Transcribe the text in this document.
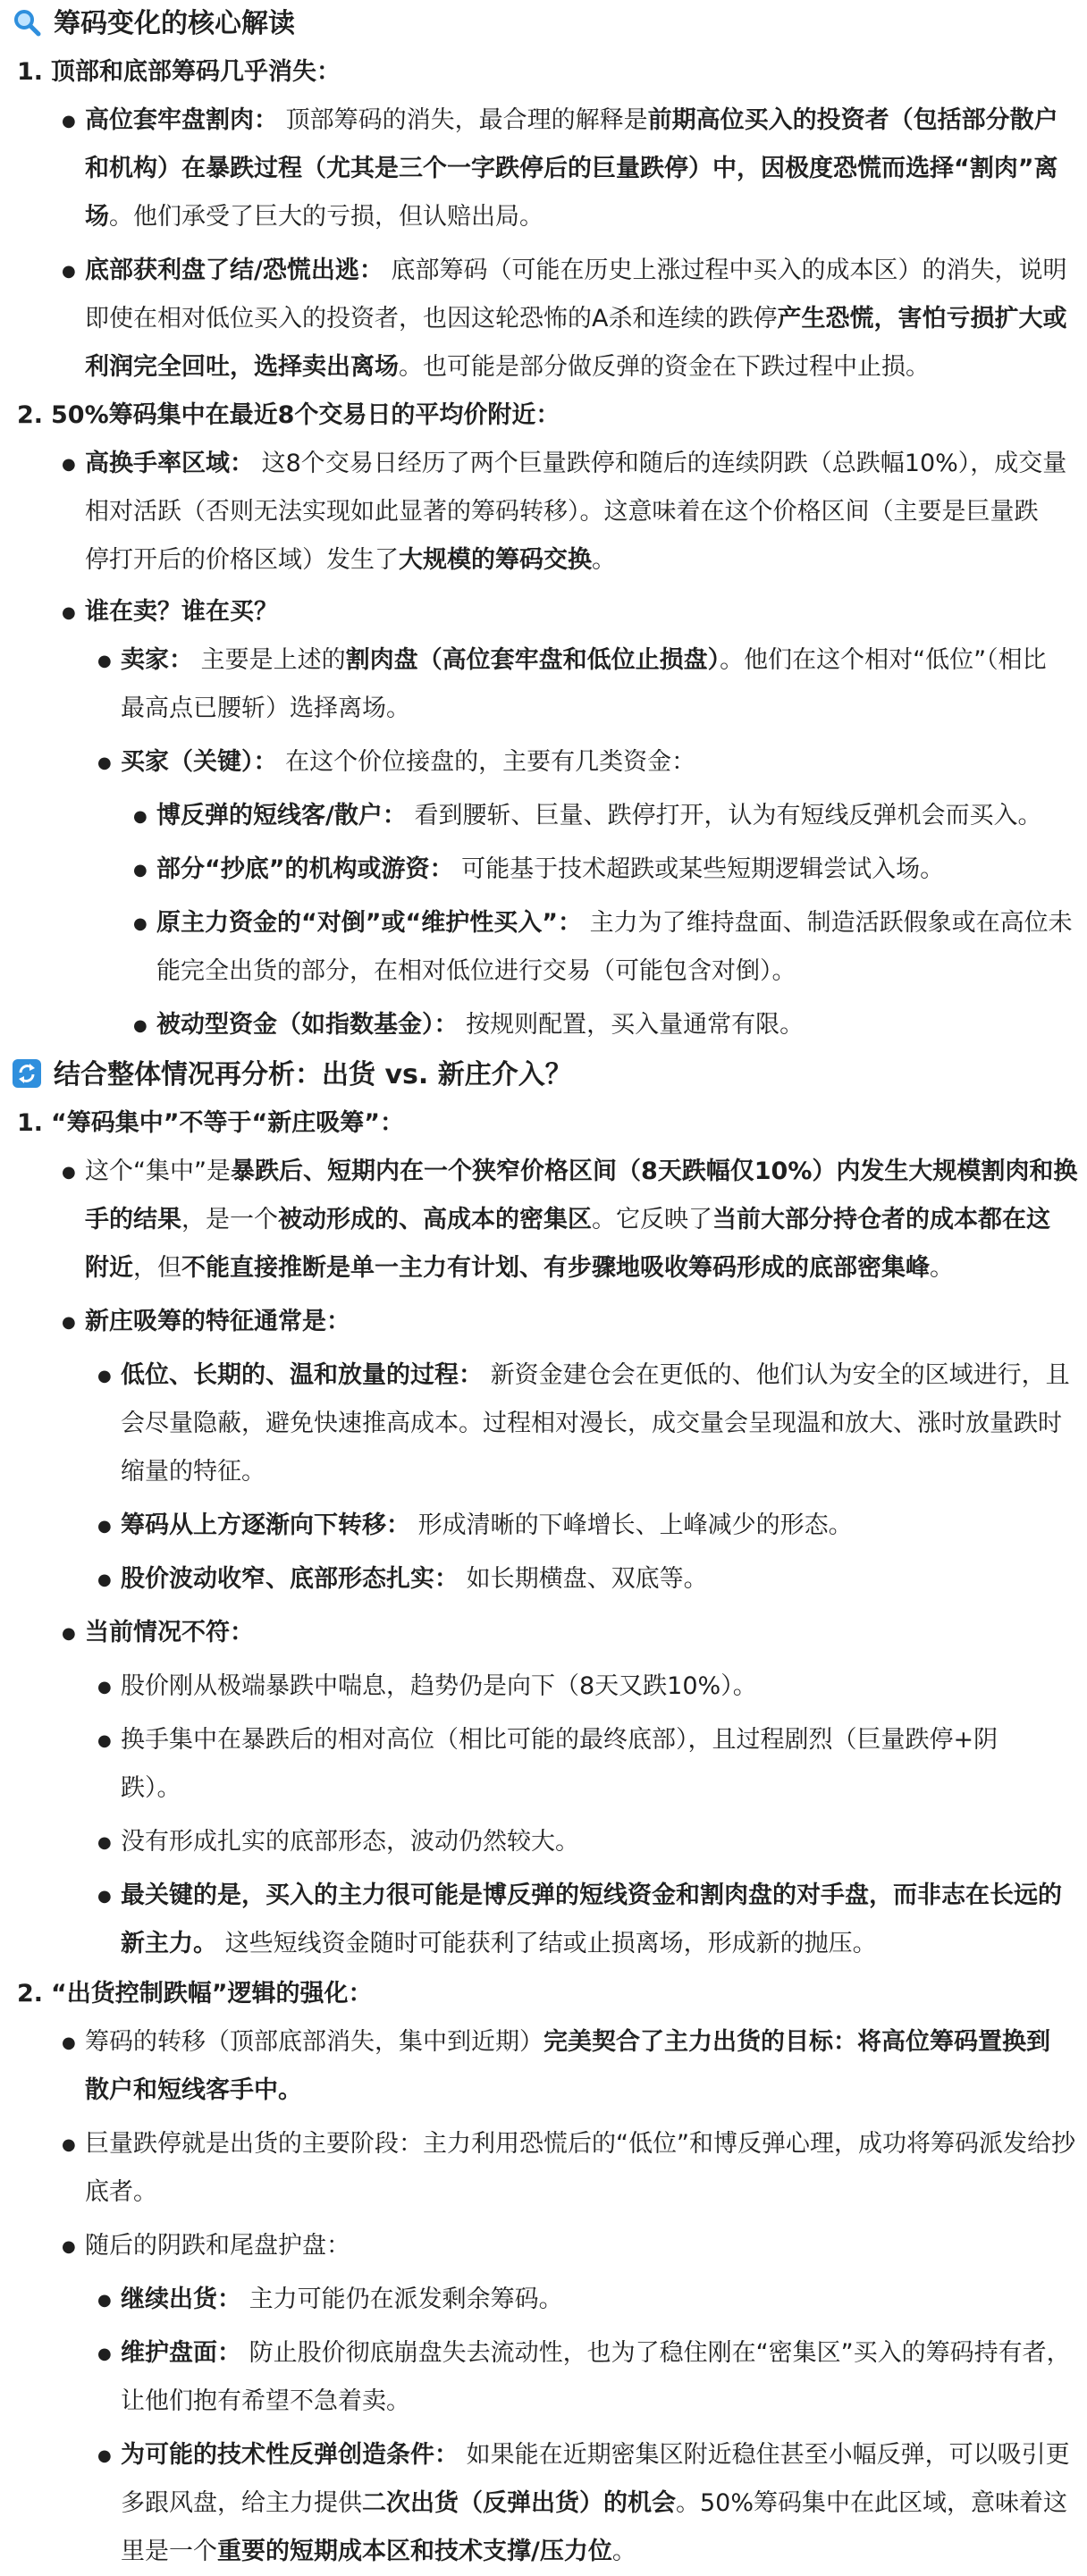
筹码变化的核心解读
1. 顶部和底部筹码几乎消失：
● 高位套牢盘割肉： 顶部筹码的消失，最合理的解释是前期高位买入的投资者（包括部分散户
和机构）在暴跌过程（尤其是三个一字跌停后的巨量跌停）中，因极度恐慌而选择“割肉”离
场。他们承受了巨大的亏损，但认赔出局。
● 底部获利盘了结/恐慌出逃： 底部筹码（可能在历史上涨过程中买入的成本区）的消失，说明
即使在相对低位买入的投资者，也因这轮恐怖的A杀和连续的跌停产生恐慌，害怕亏损扩大或
利润完全回吐，选择卖出离场。也可能是部分做反弹的资金在下跌过程中止损。
2. 50%筹码集中在最近8个交易日的平均价附近：
● 高换手率区域： 这8个交易日经历了两个巨量跌停和随后的连续阴跌（总跌幅10%），成交量
相对活跃（否则无法实现如此显著的筹码转移）。这意味着在这个价格区间（主要是巨量跌
停打开后的价格区域）发生了大规模的筹码交换。
● 谁在卖？谁在买？
● 卖家： 主要是上述的割肉盘（高位套牢盘和低位止损盘）。他们在这个相对“低位”（相比
最高点已腰斩）选择离场。
● 买家（关键）： 在这个价位接盘的，主要有几类资金：
● 博反弹的短线客/散户： 看到腰斩、巨量、跌停打开，认为有短线反弹机会而买入。
● 部分“抄底”的机构或游资： 可能基于技术超跌或某些短期逻辑尝试入场。
● 原主力资金的“对倒”或“维护性买入”： 主力为了维持盘面、制造活跃假象或在高位未
能完全出货的部分，在相对低位进行交易（可能包含对倒）。
● 被动型资金（如指数基金）： 按规则配置，买入量通常有限。
结合整体情况再分析：出货 vs. 新庄介入？
1. “筹码集中”不等于“新庄吸筹”：
● 这个“集中”是暴跌后、短期内在一个狭窄价格区间（8天跌幅仅10%）内发生大规模割肉和换
手的结果，是一个被动形成的、高成本的密集区。它反映了当前大部分持仓者的成本都在这
附近，但不能直接推断是单一主力有计划、有步骤地吸收筹码形成的底部密集峰。
● 新庄吸筹的特征通常是：
● 低位、长期的、温和放量的过程： 新资金建仓会在更低的、他们认为安全的区域进行，且
会尽量隐蔽，避免快速推高成本。过程相对漫长，成交量会呈现温和放大、涨时放量跌时
缩量的特征。
● 筹码从上方逐渐向下转移： 形成清晰的下峰增长、上峰减少的形态。
● 股价波动收窄、底部形态扎实： 如长期横盘、双底等。
● 当前情况不符：
● 股价刚从极端暴跌中喘息，趋势仍是向下（8天又跌10%）。
● 换手集中在暴跌后的相对高位（相比可能的最终底部），且过程剧烈（巨量跌停+阴
跌）。
● 没有形成扎实的底部形态，波动仍然较大。
● 最关键的是，买入的主力很可能是博反弹的短线资金和割肉盘的对手盘，而非志在长远的
新主力。 这些短线资金随时可能获利了结或止损离场，形成新的抛压。
2. “出货控制跌幅”逻辑的强化：
● 筹码的转移（顶部底部消失，集中到近期）完美契合了主力出货的目标：将高位筹码置换到
散户和短线客手中。
● 巨量跌停就是出货的主要阶段：主力利用恐慌后的“低位”和博反弹心理，成功将筹码派发给抄
底者。
● 随后的阴跌和尾盘护盘：
● 继续出货： 主力可能仍在派发剩余筹码。
● 维护盘面： 防止股价彻底崩盘失去流动性，也为了稳住刚在“密集区”买入的筹码持有者，
让他们抱有希望不急着卖。
● 为可能的技术性反弹创造条件： 如果能在近期密集区附近稳住甚至小幅反弹，可以吸引更
多跟风盘，给主力提供二次出货（反弹出货）的机会。50%筹码集中在此区域，意味着这
里是一个重要的短期成本区和技术支撑/压力位。
